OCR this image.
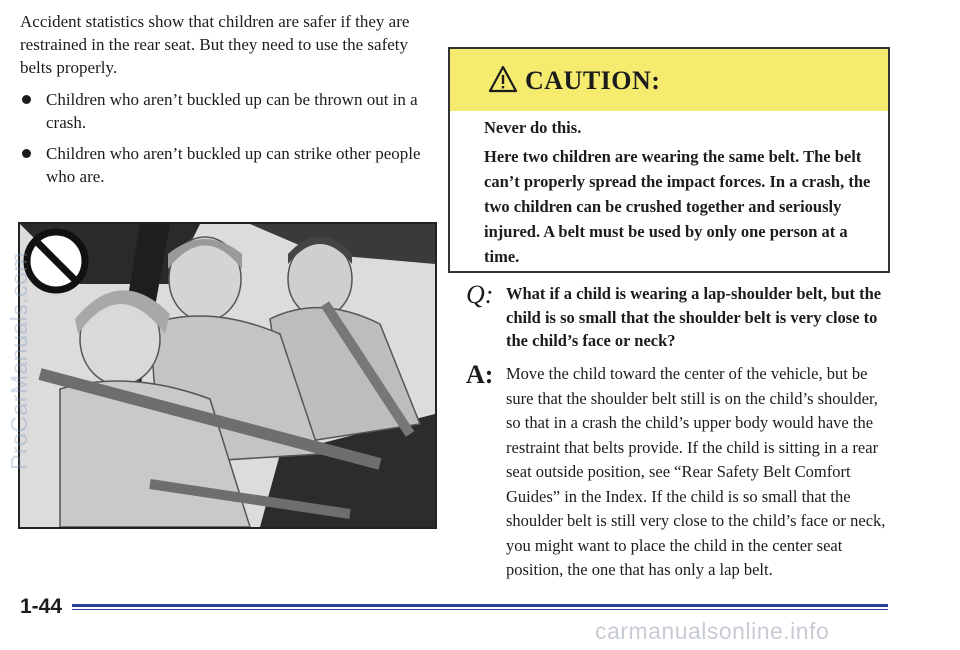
Accident statistics show that children are safer if they are restrained in the rear seat. But they need to use the safety belts properly.

Children who aren’t buckled up can be thrown out in a crash.
Children who aren’t buckled up can strike other people who are.
ProCarManuals.com
CAUTION:

Never do this.

Here two children are wearing the same belt. The belt can’t properly spread the impact forces. In a crash, the two children can be crushed together and seriously injured. A belt must be used by only one person at a time.

Q: What if a child is wearing a lap-shoulder belt, but the child is so small that the shoulder belt is very close to the child’s face or neck?
A: Move the child toward the center of the vehicle, but be sure that the shoulder belt still is on the child’s shoulder, so that in a crash the child’s upper body would have the restraint that belts provide. If the child is sitting in a rear seat outside position, see “Rear Safety Belt Comfort Guides” in the Index. If the child is so small that the shoulder belt is still very close to the child’s face or neck, you might want to place the child in the center seat position, the one that has only a lap belt.
1-44
carmanualsonline.info
